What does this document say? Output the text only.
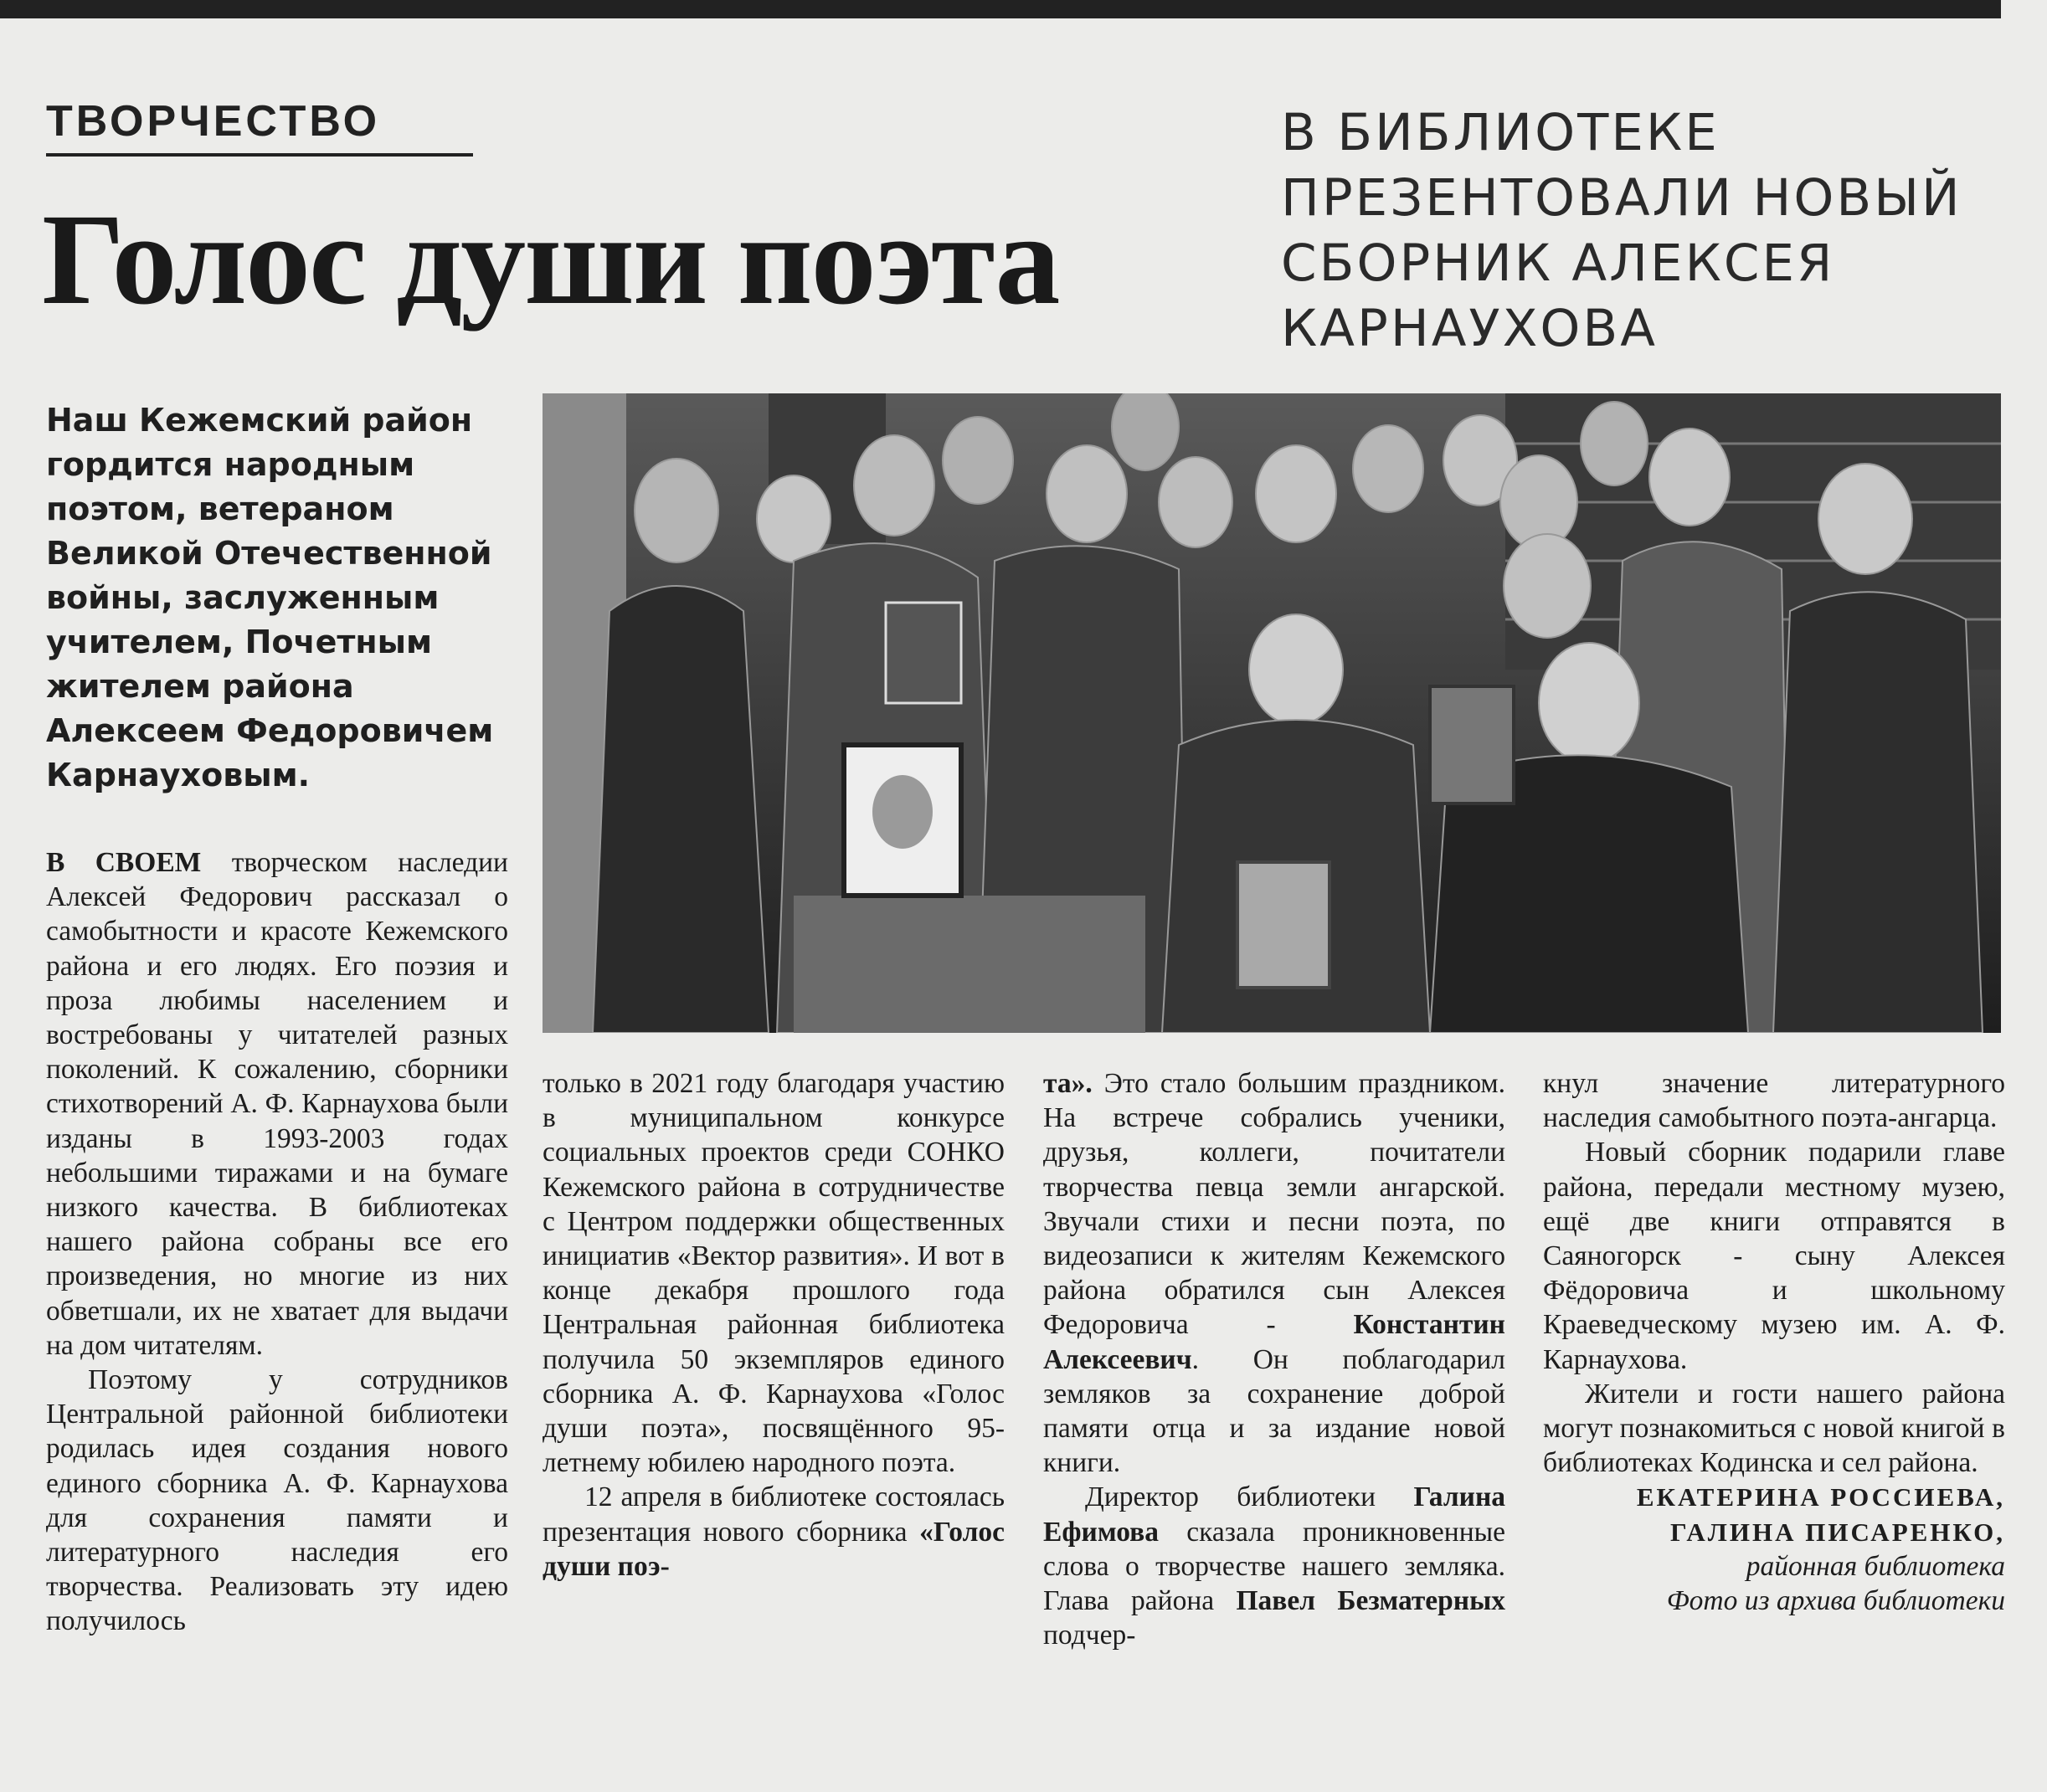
ТВОРЧЕСТВО
Голос души поэта
В БИБЛИОТЕКЕ ПРЕЗЕНТОВАЛИ НОВЫЙ СБОРНИК АЛЕКСЕЯ КАРНАУХОВА
Наш Кежемский район гордится народным поэтом, ветераном Великой Отечественной войны, заслуженным учителем, Почетным жителем района Алексеем Федоровичем Карнауховым.

В СВОЕМ творческом наследии Алексей Федорович рассказал о самобытности и красоте Кежемского района и его людях. Его поэзия и проза любимы населением и востребованы у читателей разных поколений. К сожалению, сборники стихотворений А. Ф. Карнаухова были изданы в 1993-2003 годах небольшими тиражами и на бумаге низкого качества. В библиотеках нашего района собраны все его произведения, но многие из них обветшали, их не хватает для выдачи на дом читателям.

Поэтому у сотрудников Центральной районной библиотеки родилась идея создания нового единого сборника А. Ф. Карнаухова для сохранения памяти и литературного наследия его творчества. Реализовать эту идею получилось

только в 2021 году благодаря участию в муниципальном конкурсе социальных проектов среди СОНКО Кежемского района в сотрудничестве с Центром поддержки общественных инициатив «Вектор развития». И вот в конце декабря прошлого года Центральная районная библиотека получила 50 экземпляров единого сборника А. Ф. Карнаухова «Голос души поэта», посвящённого 95-летнему юбилею народного поэта.

12 апреля в библиотеке состоялась презентация нового сборника «Голос души поэ-

та». Это стало большим праздником. На встрече собрались ученики, друзья, коллеги, почитатели творчества певца земли ангарской. Звучали стихи и песни поэта, по видеозаписи к жителям Кежемского района обратился сын Алексея Федоровича - Константин Алексеевич. Он поблагодарил земляков за сохранение доброй памяти отца и за издание новой книги.

Директор библиотеки Галина Ефимова сказала проникновенные слова о творчестве нашего земляка. Глава района Павел Безматерных подчер-

кнул значение литературного наследия самобытного поэта-ангарца.

Новый сборник подарили главе района, передали местному музею, ещё две книги отправятся в Саяногорск - сыну Алексея Фёдоровича и школьному Краеведческому музею им. А. Ф. Карнаухова.

Жители и гости нашего района могут познакомиться с новой книгой в библиотеках Кодинска и сел района.

ЕКАТЕРИНА РОССИЕВА,
ГАЛИНА ПИСАРЕНКО,
районная библиотека
Фото из архива библиотеки
